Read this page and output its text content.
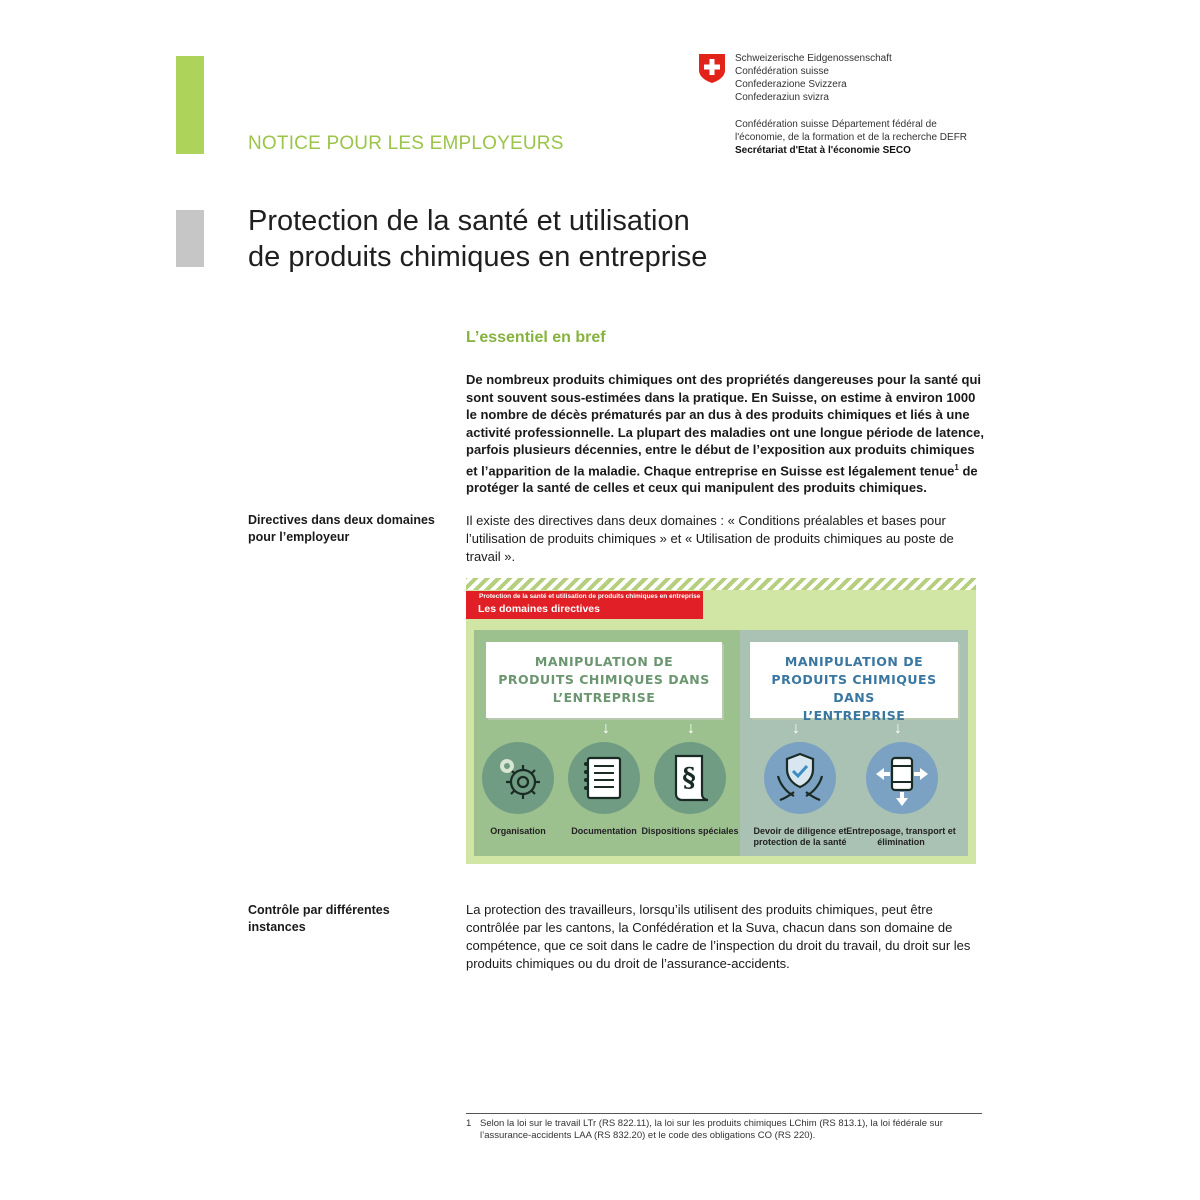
NOTICE POUR LES EMPLOYEURS
Schweizerische Eidgenossenschaft
Confédération suisse
Confederazione Svizzera
Confederaziun svizra
Confédération suisse Département fédéral de
l'économie, de la formation et de la recherche DEFR
Secrétariat d'Etat à l'économie SECO
Protection de la santé et utilisation
de produits chimiques en entreprise
L’essentiel en bref

De nombreux produits chimiques ont des propriétés dangereuses pour la santé qui sont souvent sous-estimées dans la pratique. En Suisse, on estime à environ 1000 le nombre de décès prématurés par an dus à des produits chimiques et liés à une activité professionnelle. La plupart des maladies ont une longue période de latence, parfois plusieurs décennies, entre le début de l’exposition aux produits chimiques et l’apparition de la maladie. Chaque entreprise en Suisse est légalement tenue$^1$ de protéger la santé de celles et ceux qui manipulent des produits chimiques.

Directives dans deux domaines pour l’employeur

Il existe des directives dans deux domaines : « Conditions préalables et bases pour l’utilisation de produits chimiques » et « Utilisation de produits chimiques au poste de travail ».

Protection de la santé et utilisation de produits chimiques en entreprise
Les domaines directives
MANIPULATION DE
PRODUITS CHIMIQUES DANS
L’ENTREPRISE
↓	↓
§
Organisation	Documentation Dispositions spéciales
MANIPULATION DE
PRODUITS CHIMIQUES DANS
L’ENTREPRISE
↓	↓
Devoir de diligence et protection de la santé
Entreposage, transport et élimination
Contrôle par différentes instances

La protection des travailleurs, lorsqu’ils utilisent des produits chimiques, peut être contrôlée par les cantons, la Confédération et la Suva, chacun dans son domaine de compétence, que ce soit dans le cadre de l’inspection du droit du travail, du droit sur les produits chimiques ou du droit de l’assurance-accidents.

1 Selon la loi sur le travail LTr (RS 822.11), la loi sur les produits chimiques LChim (RS 813.1), la loi fédérale sur l’assurance-accidents LAA (RS 832.20) et le code des obligations CO (RS 220).
